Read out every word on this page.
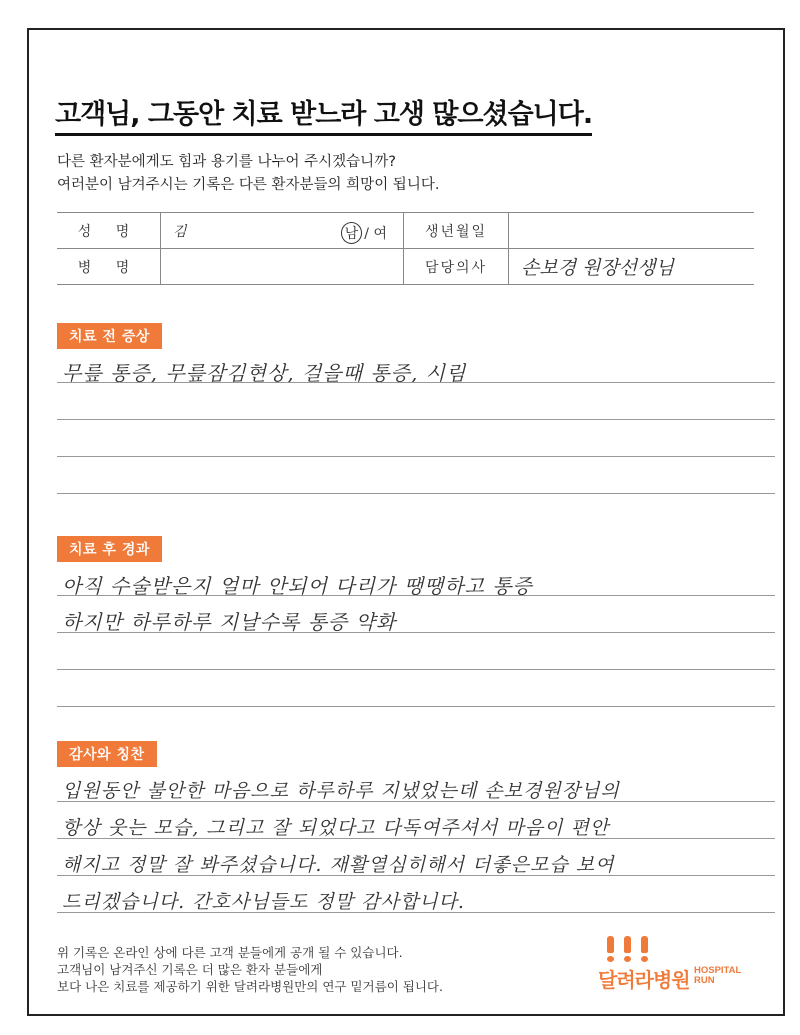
고객님, 그동안 치료 받느라 고생 많으셨습니다.
다른 환자분에게도 힘과 용기를 나누어 주시겠습니까?
여러분이 남겨주시는 기록은 다른 환자분들의 희망이 됩니다.
성 명	김 남 / 여	생년월일	
병 명		담당의사	손보경 원장선생님
치료 전 증상
무릎 통증, 무릎잠김현상, 걸을때 통증, 시림
치료 후 경과
아직 수술받은지 얼마 안되어 다리가 땡땡하고 통증
하지만 하루하루 지날수록 통증 약화
감사와 칭찬
입원동안 불안한 마음으로 하루하루 지냈었는데 손보경원장님의
항상 웃는 모습, 그리고 잘 되었다고 다독여주셔서 마음이 편안
해지고 정말 잘 봐주셨습니다. 재활열심히해서 더좋은모습 보여
드리겠습니다. 간호사님들도 정말 감사합니다.
위 기록은 온라인 상에 다른 고객 분들에게 공개 될 수 있습니다.
고객님이 남겨주신 기록은 더 많은 환자 분들에게
보다 나은 치료를 제공하기 위한 달려라병원만의 연구 밑거름이 됩니다.	달려라병원 HOSPITAL
RUN
